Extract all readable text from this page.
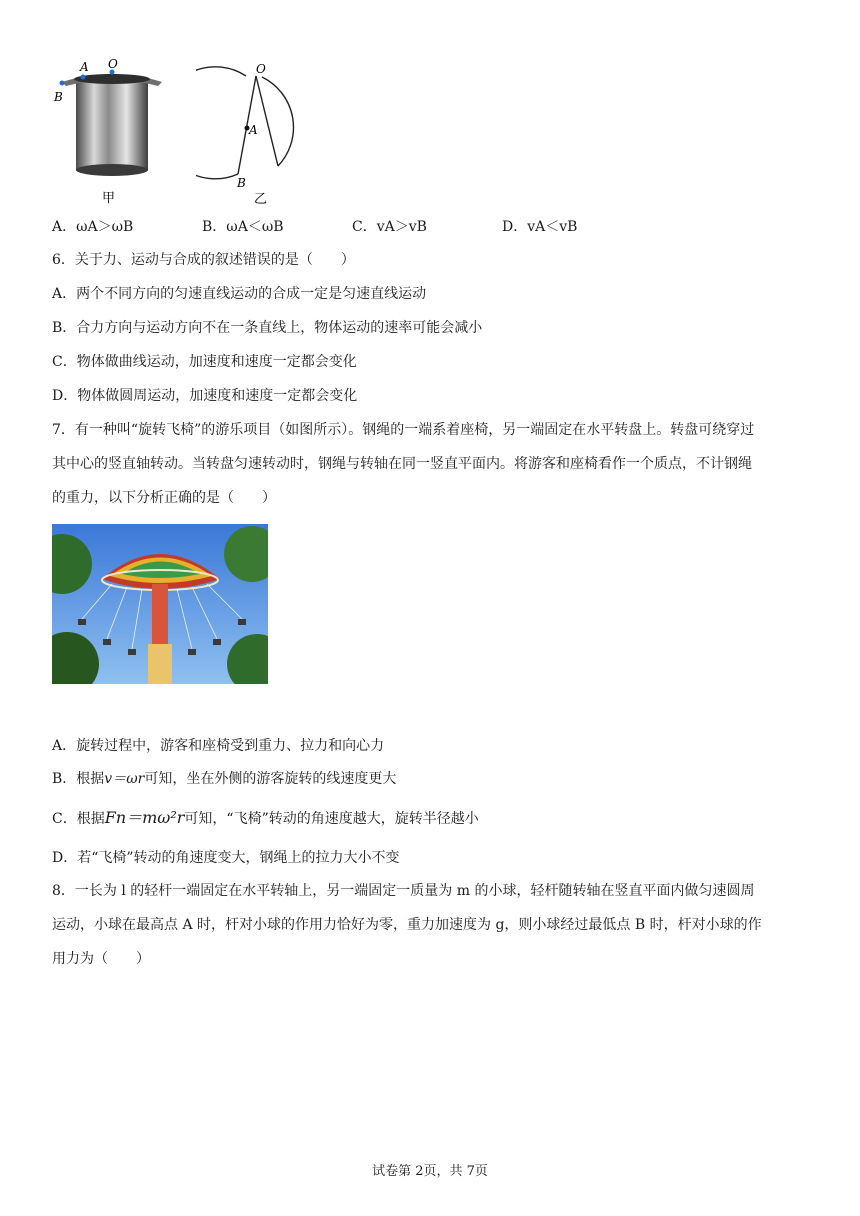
A O
B
甲
O
A
B
乙
A．ωA＞ωB	B．ωA＜ωB	C．vA＞vB	D．vA＜vB
6．关于力、运动与合成的叙述错误的是（　　）
A．两个不同方向的匀速直线运动的合成一定是匀速直线运动
B．合力方向与运动方向不在一条直线上，物体运动的速率可能会减小
C．物体做曲线运动，加速度和速度一定都会变化
D．物体做圆周运动，加速度和速度一定都会变化
7．有一种叫“旋转飞椅”的游乐项目（如图所示）。钢绳的一端系着座椅，另一端固定在水平转盘上。转盘可绕穿过
其中心的竖直轴转动。当转盘匀速转动时，钢绳与转轴在同一竖直平面内。将游客和座椅看作一个质点，不计钢绳
的重力，以下分析正确的是（　　）
A．旋转过程中，游客和座椅受到重力、拉力和向心力
B．根据v＝ωr可知，坐在外侧的游客旋转的线速度更大
C．根据Fn＝mω²r可知，“飞椅”转动的角速度越大，旋转半径越小
D．若“飞椅”转动的角速度变大，钢绳上的拉力大小不变
8．一长为 l 的轻杆一端固定在水平转轴上，另一端固定一质量为 m 的小球，轻杆随转轴在竖直平面内做匀速圆周
运动，小球在最高点 A 时，杆对小球的作用力恰好为零，重力加速度为 g，则小球经过最低点 B 时，杆对小球的作
用力为（　　）
试卷第 2页，共 7页
